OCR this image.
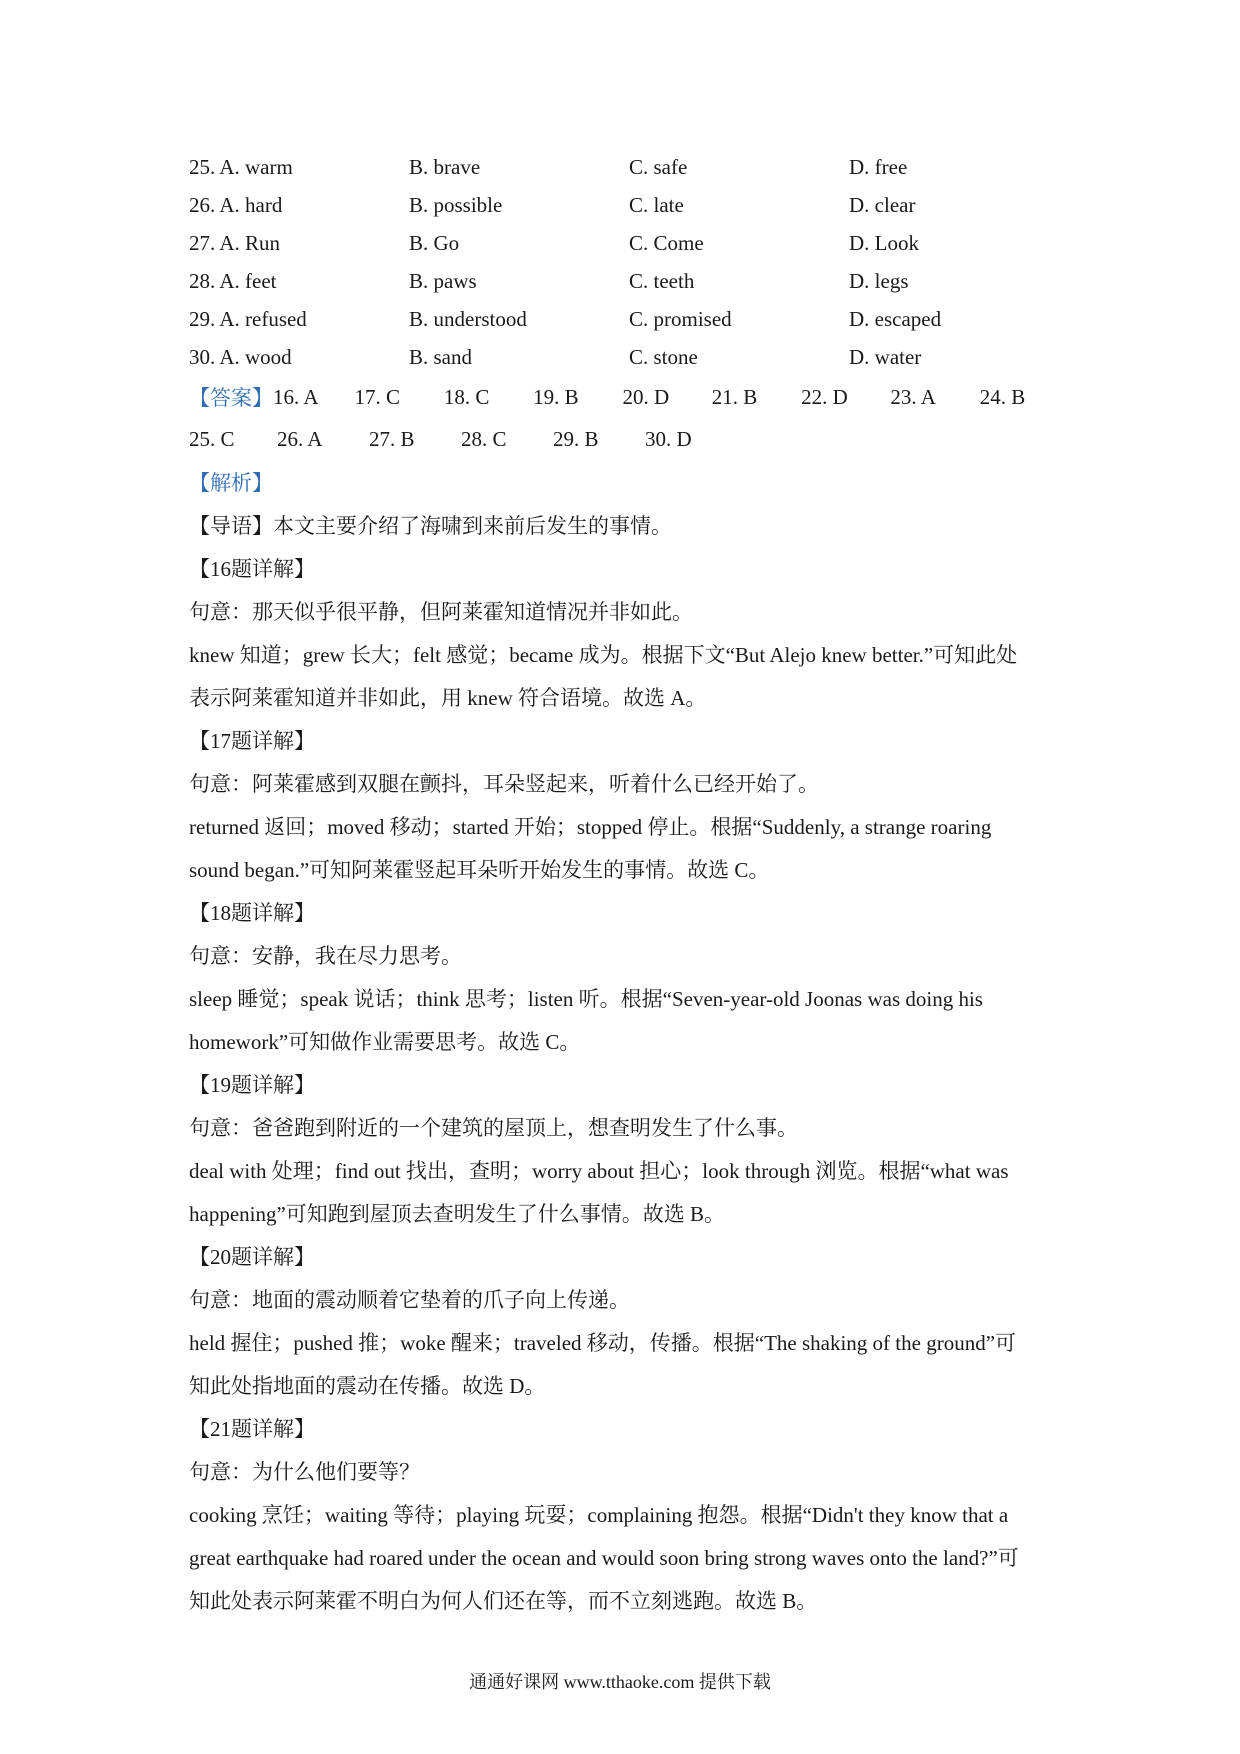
25. A. warm	B. brave	C. safe	D. free
26. A. hard	B. possible	C. late	D. clear
27. A. Run	B. Go	C. Come	D. Look
28. A. feet	B. paws	C. teeth	D. legs
29. A. refused	B. understood	C. promised	D. escaped
30. A. wood	B. sand	C. stone	D. water
【答案】 16. A	17. C	18. C	19. B	20. D	21. B	22. D	23. A	24. B
25. C	26. A	27. B	28. C	29. B	30. D
【解析】
【导语】本文主要介绍了海啸到来前后发生的事情。
【16题详解】
句意：那天似乎很平静，但阿莱霍知道情况并非如此。
knew 知道；grew 长大；felt 感觉；became 成为。根据下文“But Alejo knew better.”可知此处
表示阿莱霍知道并非如此，用 knew 符合语境。故选 A。
【17题详解】
句意：阿莱霍感到双腿在颤抖，耳朵竖起来，听着什么已经开始了。
returned 返回；moved 移动；started 开始；stopped 停止。根据“Suddenly, a strange roaring
sound began.”可知阿莱霍竖起耳朵听开始发生的事情。故选 C。
【18题详解】
句意：安静，我在尽力思考。
sleep 睡觉；speak 说话；think 思考；listen 听。根据“Seven-year-old Joonas was doing his
homework”可知做作业需要思考。故选 C。
【19题详解】
句意：爸爸跑到附近的一个建筑的屋顶上，想查明发生了什么事。
deal with 处理；find out 找出，查明；worry about 担心；look through 浏览。根据“what was
happening”可知跑到屋顶去查明发生了什么事情。故选 B。
【20题详解】
句意：地面的震动顺着它垫着的爪子向上传递。
held 握住；pushed 推；woke 醒来；traveled 移动，传播。根据“The shaking of the ground”可
知此处指地面的震动在传播。故选 D。
【21题详解】
句意：为什么他们要等？
cooking 烹饪；waiting 等待；playing 玩耍；complaining 抱怨。根据“Didn't they know that a
great earthquake had roared under the ocean and would soon bring strong waves onto the land?”可
知此处表示阿莱霍不明白为何人们还在等，而不立刻逃跑。故选 B。
通通好课网 www.tthaoke.com 提供下载
